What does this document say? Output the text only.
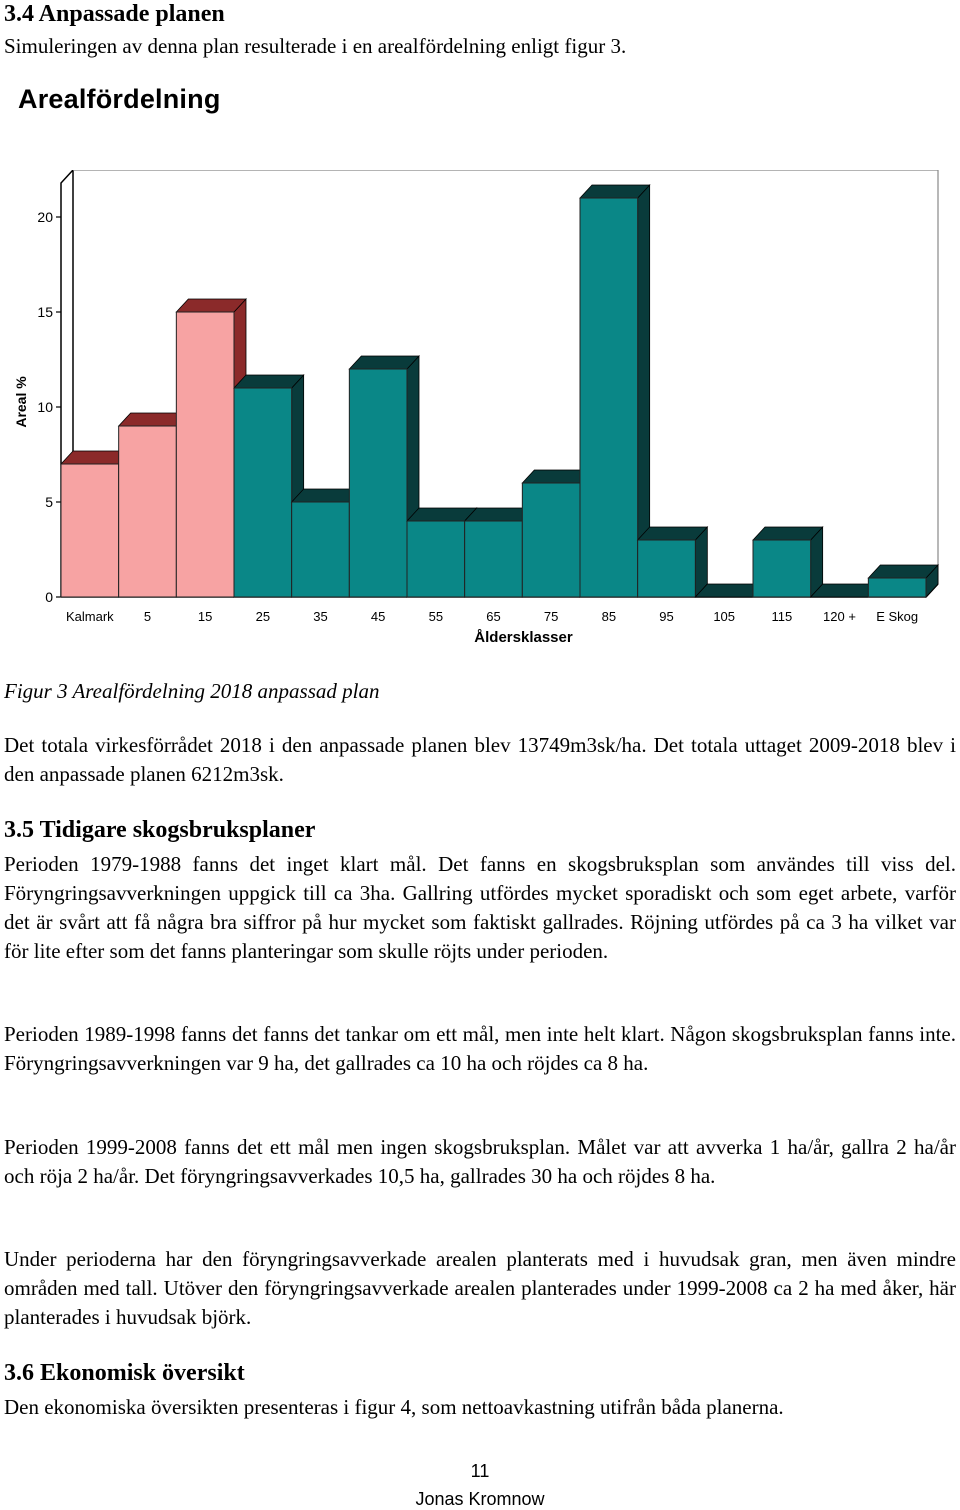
3.4 Anpassade planen

Simuleringen av denna plan resulterade i en arealfördelning enligt figur 3.

Arealfördelning
0
5
10
15
20
Areal %
Kalmark 5	15	25	35	45	55	65	75	85	95	105	115 120 + E Skog
Åldersklasser
Figur 3 Arealfördelning 2018 anpassad plan

Det totala virkesförrådet 2018 i den anpassade planen blev 13749m3sk/ha. Det totala uttaget 2009-2018 blev i den anpassade planen 6212m3sk.

3.5 Tidigare skogsbruksplaner

Perioden 1979-1988 fanns det inget klart mål. Det fanns en skogsbruksplan som användes till viss del. Föryngringsavverkningen uppgick till ca 3ha. Gallring utfördes mycket sporadiskt och som eget arbete, varför det är svårt att få några bra siffror på hur mycket som faktiskt gallrades. Röjning utfördes på ca 3 ha vilket var för lite efter som det fanns planteringar som skulle röjts under perioden.

Perioden 1989-1998 fanns det fanns det tankar om ett mål, men inte helt klart. Någon skogsbruksplan fanns inte. Föryngringsavverkningen var 9 ha, det gallrades ca 10 ha och röjdes ca 8 ha.

Perioden 1999-2008 fanns det ett mål men ingen skogsbruksplan. Målet var att avverka 1 ha/år, gallra 2 ha/år och röja 2 ha/år. Det föryngringsavverkades 10,5 ha, gallrades 30 ha och röjdes 8 ha.

Under perioderna har den föryngringsavverkade arealen planterats med i huvudsak gran, men även mindre områden med tall. Utöver den föryngringsavverkade arealen planterades under 1999-2008 ca 2 ha med åker, här planterades i huvudsak björk.

3.6 Ekonomisk översikt

Den ekonomiska översikten presenteras i figur 4, som nettoavkastning utifrån båda planerna.

11
Jonas Kromnow
